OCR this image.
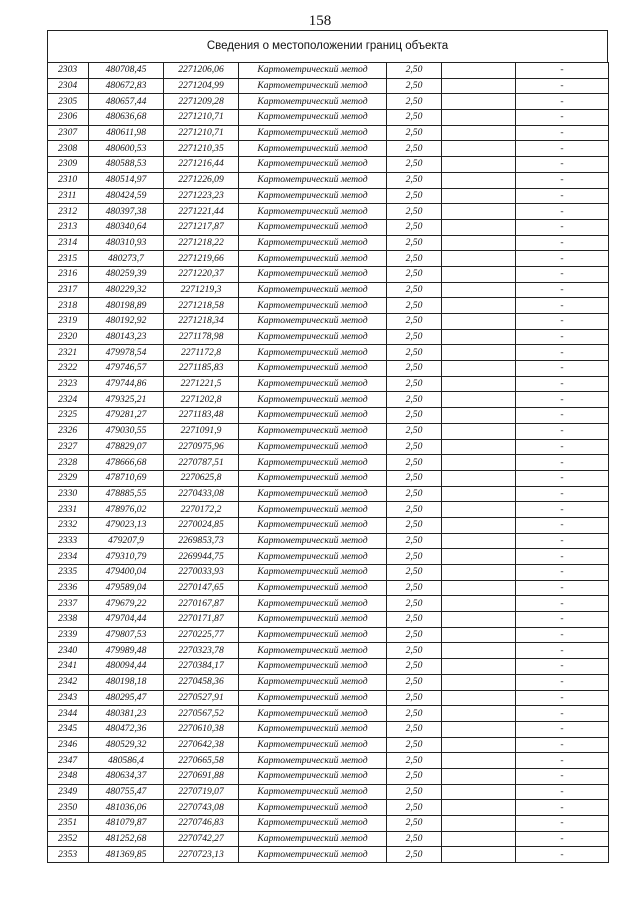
158
Сведения о местоположении границ объекта
2303	480708,45	2271206,06	Картометрический метод	2,50		-
2304	480672,83	2271204,99	Картометрический метод	2,50		-
2305	480657,44	2271209,28	Картометрический метод	2,50		-
2306	480636,68	2271210,71	Картометрический метод	2,50		-
2307	480611,98	2271210,71	Картометрический метод	2,50		-
2308	480600,53	2271210,35	Картометрический метод	2,50		-
2309	480588,53	2271216,44	Картометрический метод	2,50		-
2310	480514,97	2271226,09	Картометрический метод	2,50		-
2311	480424,59	2271223,23	Картометрический метод	2,50		-
2312	480397,38	2271221,44	Картометрический метод	2,50		-
2313	480340,64	2271217,87	Картометрический метод	2,50		-
2314	480310,93	2271218,22	Картометрический метод	2,50		-
2315	480273,7	2271219,66	Картометрический метод	2,50		-
2316	480259,39	2271220,37	Картометрический метод	2,50		-
2317	480229,32	2271219,3	Картометрический метод	2,50		-
2318	480198,89	2271218,58	Картометрический метод	2,50		-
2319	480192,92	2271218,34	Картометрический метод	2,50		-
2320	480143,23	2271178,98	Картометрический метод	2,50		-
2321	479978,54	2271172,8	Картометрический метод	2,50		-
2322	479746,57	2271185,83	Картометрический метод	2,50		-
2323	479744,86	2271221,5	Картометрический метод	2,50		-
2324	479325,21	2271202,8	Картометрический метод	2,50		-
2325	479281,27	2271183,48	Картометрический метод	2,50		-
2326	479030,55	2271091,9	Картометрический метод	2,50		-
2327	478829,07	2270975,96	Картометрический метод	2,50		-
2328	478666,68	2270787,51	Картометрический метод	2,50		-
2329	478710,69	2270625,8	Картометрический метод	2,50		-
2330	478885,55	2270433,08	Картометрический метод	2,50		-
2331	478976,02	2270172,2	Картометрический метод	2,50		-
2332	479023,13	2270024,85	Картометрический метод	2,50		-
2333	479207,9	2269853,73	Картометрический метод	2,50		-
2334	479310,79	2269944,75	Картометрический метод	2,50		-
2335	479400,04	2270033,93	Картометрический метод	2,50		-
2336	479589,04	2270147,65	Картометрический метод	2,50		-
2337	479679,22	2270167,87	Картометрический метод	2,50		-
2338	479704,44	2270171,87	Картометрический метод	2,50		-
2339	479807,53	2270225,77	Картометрический метод	2,50		-
2340	479989,48	2270323,78	Картометрический метод	2,50		-
2341	480094,44	2270384,17	Картометрический метод	2,50		-
2342	480198,18	2270458,36	Картометрический метод	2,50		-
2343	480295,47	2270527,91	Картометрический метод	2,50		-
2344	480381,23	2270567,52	Картометрический метод	2,50		-
2345	480472,36	2270610,38	Картометрический метод	2,50		-
2346	480529,32	2270642,38	Картометрический метод	2,50		-
2347	480586,4	2270665,58	Картометрический метод	2,50		-
2348	480634,37	2270691,88	Картометрический метод	2,50		-
2349	480755,47	2270719,07	Картометрический метод	2,50		-
2350	481036,06	2270743,08	Картометрический метод	2,50		-
2351	481079,87	2270746,83	Картометрический метод	2,50		-
2352	481252,68	2270742,27	Картометрический метод	2,50		-
2353	481369,85	2270723,13	Картометрический метод	2,50		-
